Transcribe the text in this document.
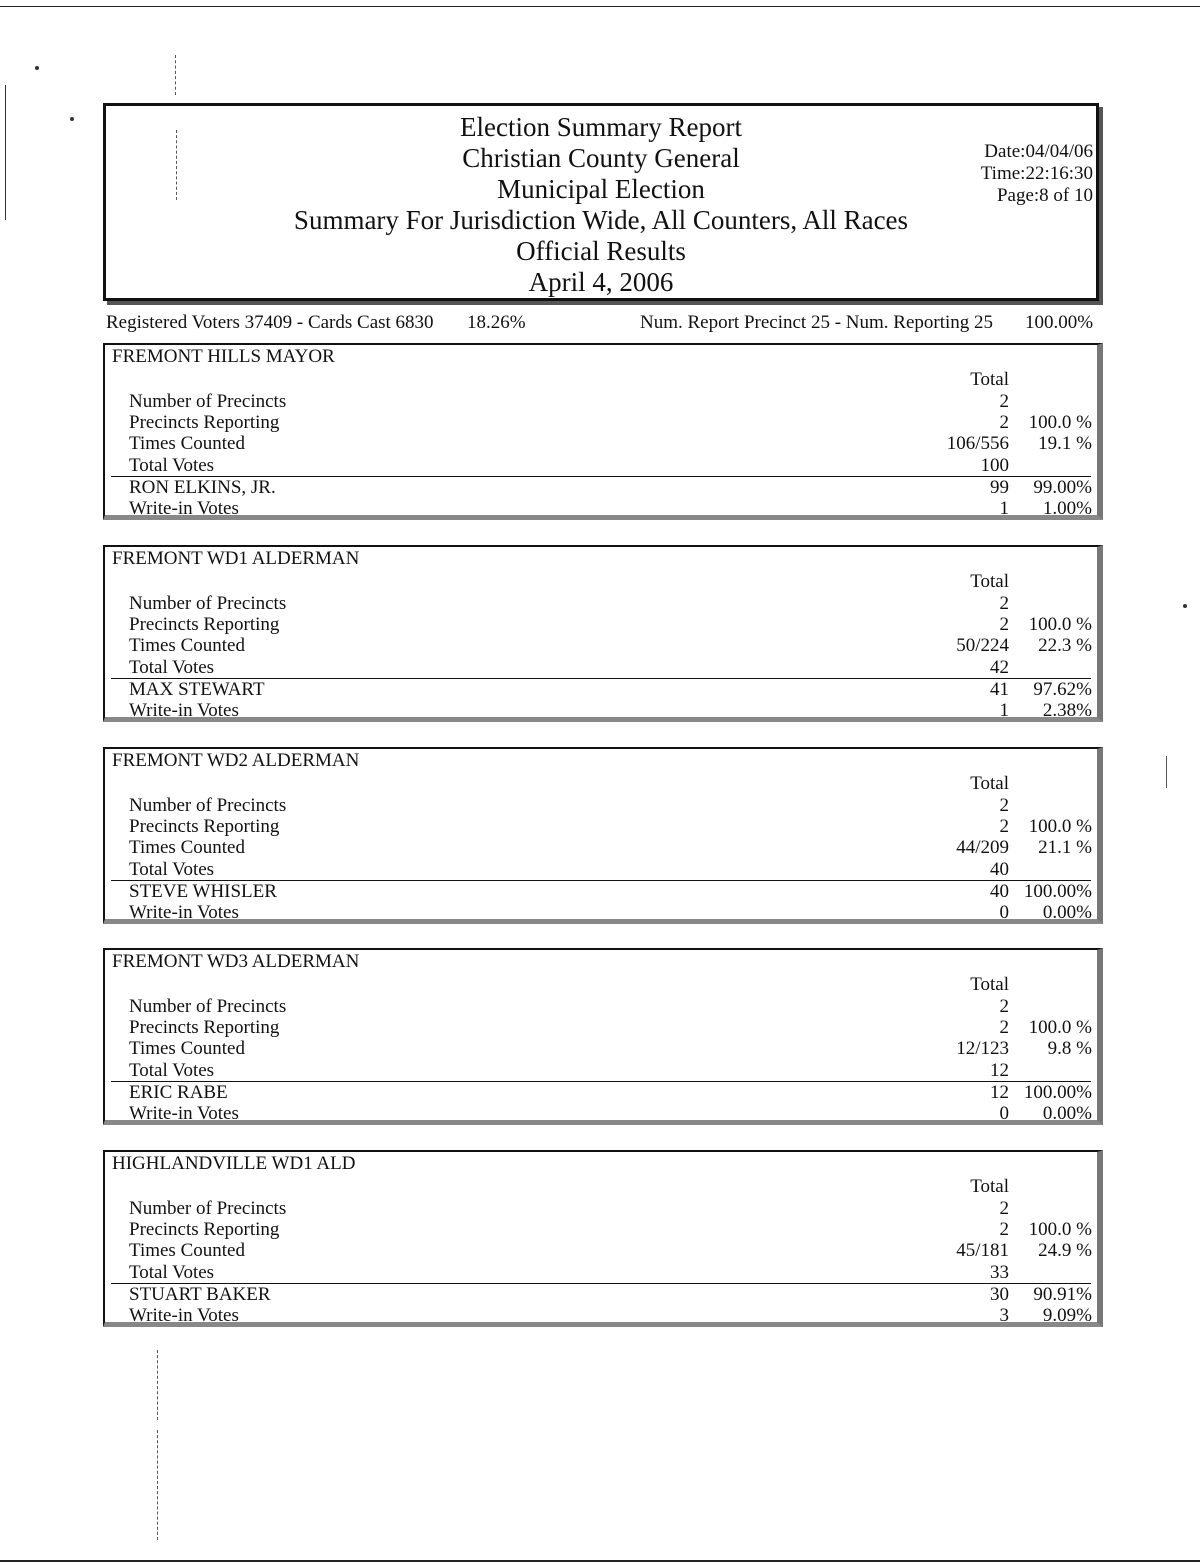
Election Summary Report
Christian County General
Municipal Election
Summary For Jurisdiction Wide, All Counters, All Races
Official Results
April 4, 2006
Date:04/04/06
Time:22:16:30
Page:8 of 10
Registered Voters 37409 - Cards Cast 6830 18.26%	Num. Report Precinct 25 - Num. Reporting 25 100.00%
FREMONT HILLS MAYOR
Total
Number of Precincts	2
Precincts Reporting	2 100.0 %
Times Counted	106/556 19.1 %
Total Votes	100
RON ELKINS, JR.	99 99.00%
Write-in Votes	1 1.00%
FREMONT WD1 ALDERMAN
Total
Number of Precincts	2
Precincts Reporting	2 100.0 %
Times Counted	50/224 22.3 %
Total Votes	42
MAX STEWART	41 97.62%
Write-in Votes	1 2.38%
FREMONT WD2 ALDERMAN
Total
Number of Precincts	2
Precincts Reporting	2 100.0 %
Times Counted	44/209 21.1 %
Total Votes	40
STEVE WHISLER	40 100.00%
Write-in Votes	0 0.00%
FREMONT WD3 ALDERMAN
Total
Number of Precincts	2
Precincts Reporting	2 100.0 %
Times Counted	12/123 9.8 %
Total Votes	12
ERIC RABE	12 100.00%
Write-in Votes	0 0.00%
HIGHLANDVILLE WD1 ALD
Total
Number of Precincts	2
Precincts Reporting	2 100.0 %
Times Counted	45/181 24.9 %
Total Votes	33
STUART BAKER	30 90.91%
Write-in Votes	3 9.09%
